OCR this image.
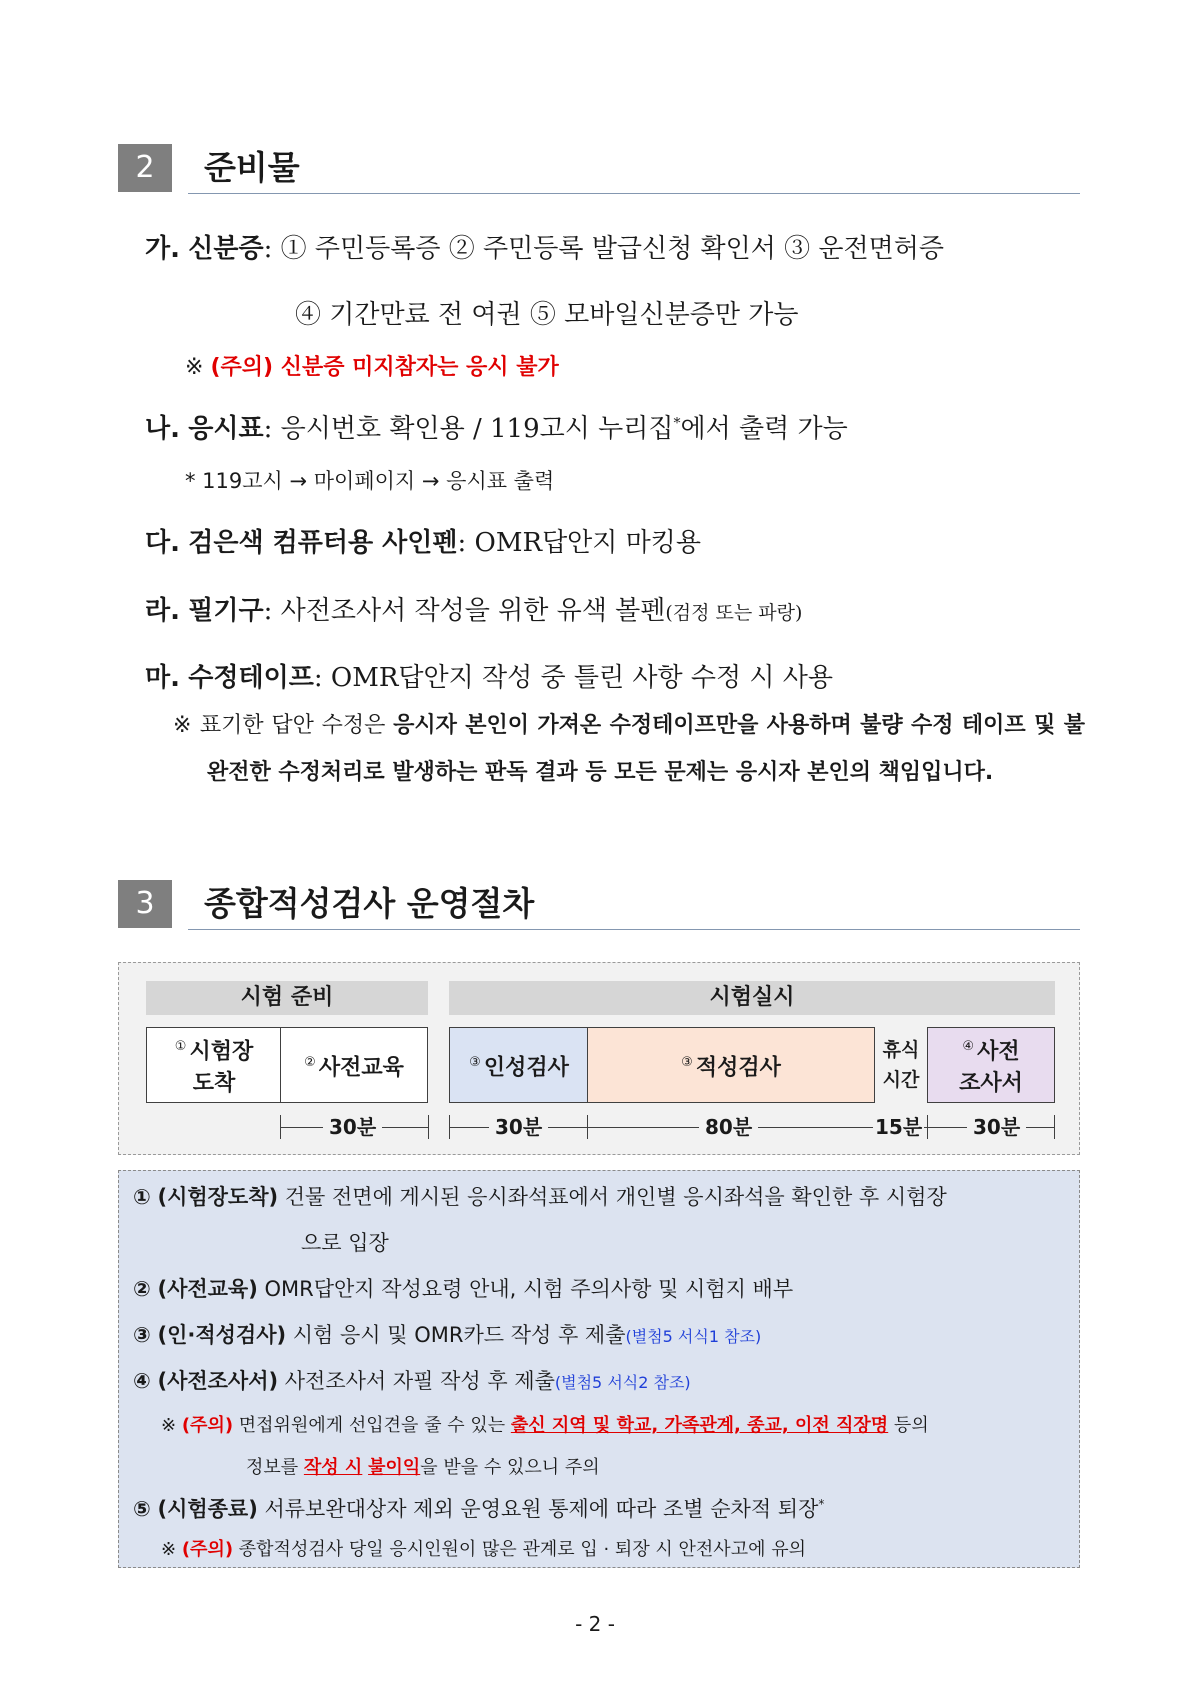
2	준비물
가. 신분증: ① 주민등록증 ② 주민등록 발급신청 확인서 ③ 운전면허증
④ 기간만료 전 여권 ⑤ 모바일신분증만 가능
※ (주의) 신분증 미지참자는 응시 불가
나. 응시표: 응시번호 확인용 / 119고시 누리집*에서 출력 가능
* 119고시 → 마이페이지 → 응시표 출력
다. 검은색 컴퓨터용 사인펜: OMR답안지 마킹용
라. 필기구: 사전조사서 작성을 위한 유색 볼펜(검정 또는 파랑)
마. 수정테이프: OMR답안지 작성 중 틀린 사항 수정 시 사용
※ 표기한 답안 수정은 응시자 본인이 가져온 수정테이프만을 사용하며 불량 수정 테이프 및 불완전한 수정처리로 발생하는 판독 결과 등 모든 문제는 응시자 본인의 책임입니다.
3	종합적성검사 운영절차
시험 준비	시험실시
① 시험장
도착
② 사전교육	③ 인성검사	③ 적성검사
휴식
시간
④ 사전
조사서
30분	30분	80분	15분	30분
① (시험장도착) 건물 전면에 게시된 응시좌석표에서 개인별 응시좌석을 확인한 후 시험장
으로 입장
② (사전교육) OMR답안지 작성요령 안내, 시험 주의사항 및 시험지 배부
③ (인·적성검사) 시험 응시 및 OMR카드 작성 후 제출(별첨5 서식1 참조)
④ (사전조사서) 사전조사서 자필 작성 후 제출(별첨5 서식2 참조)
※ (주의) 면접위원에게 선입견을 줄 수 있는 출신 지역 및 학교, 가족관계, 종교, 이전 직장명 등의
정보를 작성 시 불이익을 받을 수 있으니 주의
⑤ (시험종료) 서류보완대상자 제외 운영요원 통제에 따라 조별 순차적 퇴장*
※ (주의) 종합적성검사 당일 응시인원이 많은 관계로 입 · 퇴장 시 안전사고에 유의
- 2 -
